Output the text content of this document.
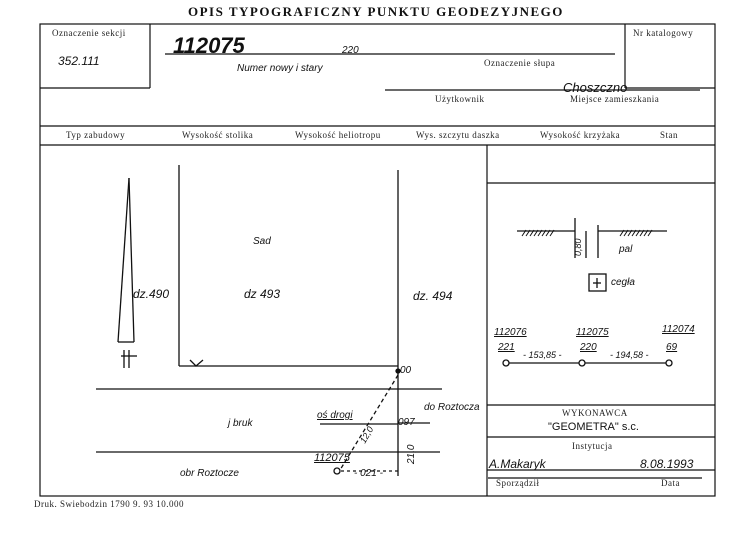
OPIS TYPOGRAFICZNY PUNKTU GEODEZYJNEGO
Oznaczenie sekcji
352.111
112075	220
Numer nowy i stary	Oznaczenie słupa
Nr katalogowy
Choszczno
Użytkownik	Miejsce zamieszkania
Typ zabudowy	Wysokość stolika	Wysokość heliotropu	Wys. szczytu daszka	Wysokość krzyżaka	Stan
dz.490	dz 493	dz. 494
Sad
oś drogi
j bruk
do Roztocza
obr Roztocze
112075
00
097
21,0
- 021 -
12,0
0,80	pal
cegła
112076
221
112075
220
112074
69
- 153,85 -	- 194,58 -
WYKONAWCA
"GEOMETRA" s.c.
Instytucja
A.Makaryk	8.08.1993
Sporządził	Data
Druk. Swiebodzin 1790 9. 93 10.000
